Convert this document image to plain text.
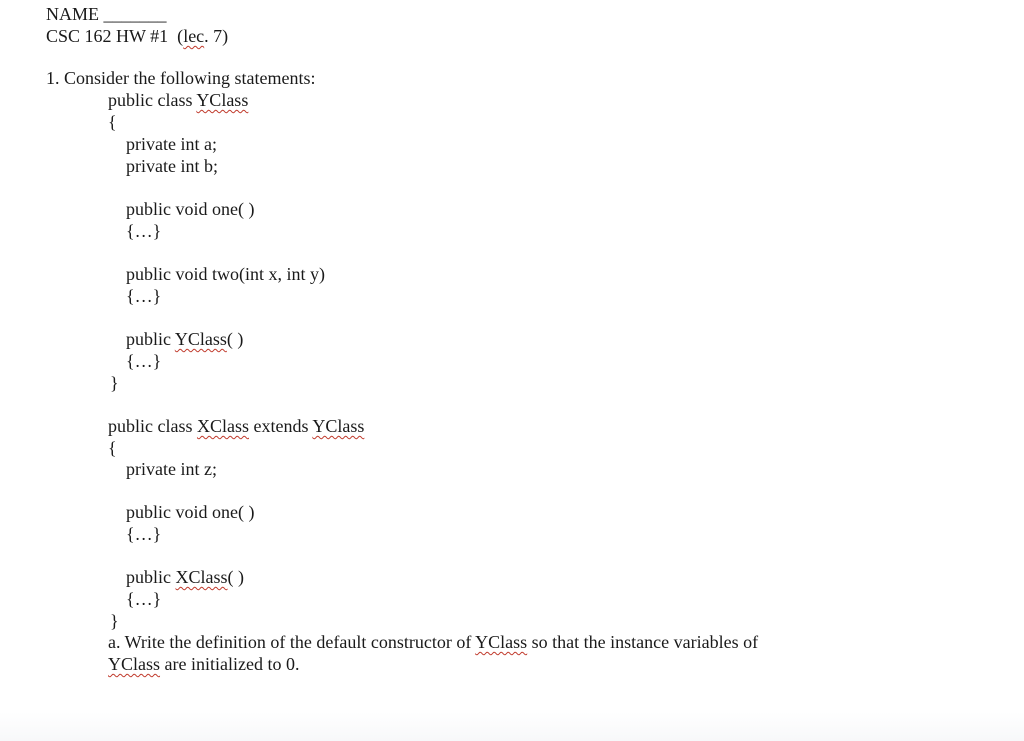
NAME _______
CSC 162 HW #1  (lec. 7)
1. Consider the following statements:
public class YClass
{
private int a;
private int b;
public void one( )
{…}
public void two(int x, int y)
{…}
public YClass( )
{…}
}
public class XClass extends YClass
{
private int z;
public void one( )
{…}
public XClass( )
{…}
}
a. Write the definition of the default constructor of YClass so that the instance variables of
YClass are initialized to 0.
